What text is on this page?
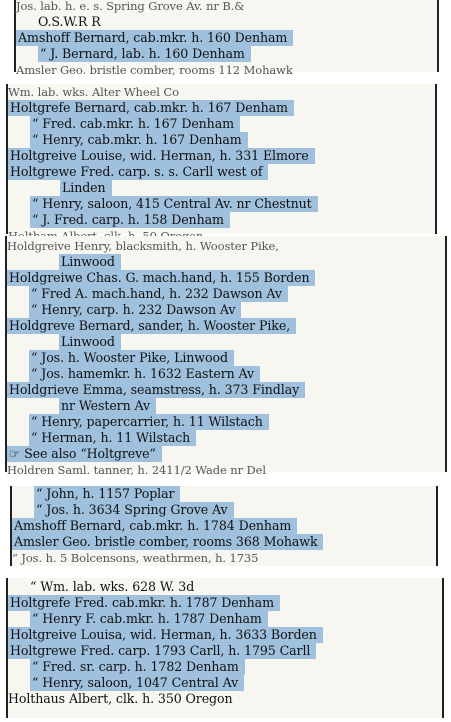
Jos. lab. h. e. s. Spring Grove Av. nr B.&
O.S.W.R R
Amshoff Bernard, cab.mkr. h. 160 Denham
“ J. Bernard, lab. h. 160 Denham
Amsler Geo. bristle comber, rooms 112 Mohawk
Wm. lab. wks. Alter Wheel Co
Holtgrefe Bernard, cab.mkr. h. 167 Denham
“ Fred. cab.mkr. h. 167 Denham
“ Henry, cab.mkr. h. 167 Denham
Holtgreive Louise, wid. Herman, h. 331 Elmore
Holtgrewe Fred. carp. s. s. Carll west of
Linden
“ Henry, saloon, 415 Central Av. nr Chestnut
“ J. Fred. carp. h. 158 Denham
Holdgreive Henry, blacksmith, h. Wooster Pike,
Linwood
Holdgreiwe Chas. G. mach.hand, h. 155 Borden
“ Fred A. mach.hand, h. 232 Dawson Av
“ Henry, carp. h. 232 Dawson Av
Holdgreve Bernard, sander, h. Wooster Pike,
Linwood
“ Jos. h. Wooster Pike, Linwood
“ Jos. hamemkr. h. 1632 Eastern Av
Holdgrieve Emma, seamstress, h. 373 Findlay
nr Western Av
“ Henry, papercarrier, h. 11 Wilstach
“ Herman, h. 11 Wilstach
☞ See also “Holtgreve”
Holdren Saml. tanner, h. 2411/2 Wade nr Del
“ John, h. 1157 Poplar
“ Jos. h. 3634 Spring Grove Av
Amshoff Bernard, cab.mkr. h. 1784 Denham
Amsler Geo. bristle comber, rooms 368 Mohawk
“ Jos. h. 5 Bolcensons, weathrmen, h. 1735
“ Wm. lab. wks. 628 W. 3d
Holtgrefe Fred. cab.mkr. h. 1787 Denham
“ Henry F. cab.mkr. h. 1787 Denham
Holtgreive Louisa, wid. Herman, h. 3633 Borden
Holtgrewe Fred. carp. 1793 Carll, h. 1795 Carll
“ Fred. sr. carp. h. 1782 Denham
“ Henry, saloon, 1047 Central Av
Holthaus Albert, clk. h. 350 Oregon
